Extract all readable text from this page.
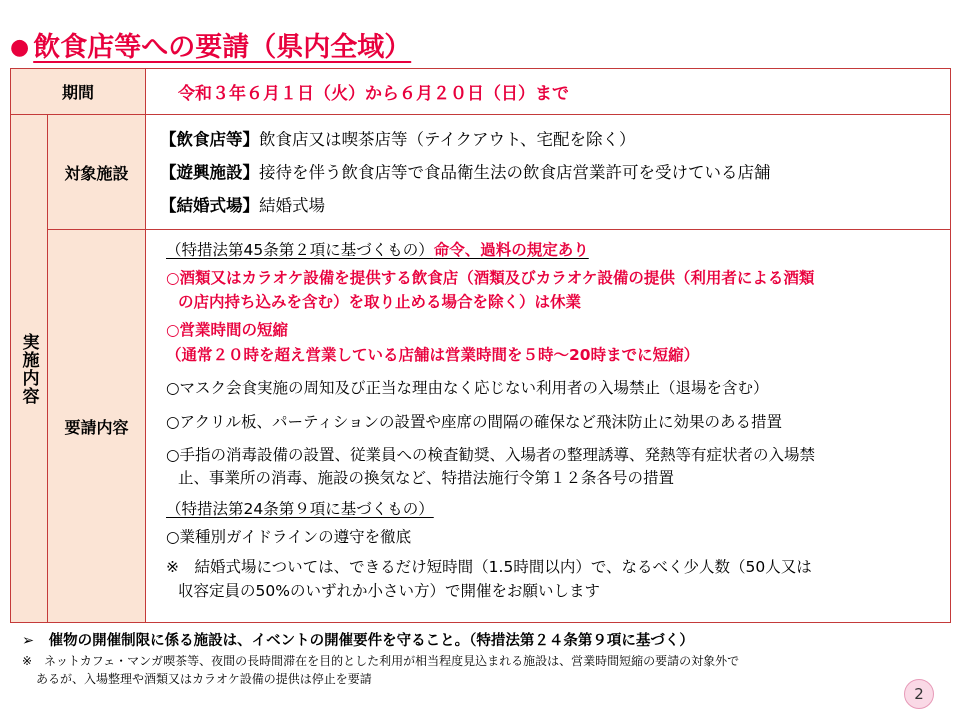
● 飲食店等への要請（県内全域）
期間	令和３年６月１日（火）から６月２０日（日）まで
実施内容
対象施設
【飲食店等】飲食店又は喫茶店等（テイクアウト、宅配を除く）
【遊興施設】接待を伴う飲食店等で食品衛生法の飲食店営業許可を受けている店舗
【結婚式場】結婚式場
要請内容
（特措法第45条第２項に基づくもの）命令、過料の規定あり
○酒類又はカラオケ設備を提供する飲食店（酒類及びカラオケ設備の提供（利用者による酒類
の店内持ち込みを含む）を取り止める場合を除く）は休業
○営業時間の短縮
（通常２０時を超え営業している店舗は営業時間を５時～20時までに短縮）
○マスク会食実施の周知及び正当な理由なく応じない利用者の入場禁止（退場を含む）
○アクリル板、パーティションの設置や座席の間隔の確保など飛沫防止に効果のある措置
○手指の消毒設備の設置、従業員への検査勧奨、入場者の整理誘導、発熱等有症状者の入場禁
止、事業所の消毒、施設の換気など、特措法施行令第１２条各号の措置
（特措法第24条第９項に基づくもの）
○業種別ガイドラインの遵守を徹底
※　結婚式場については、できるだけ短時間（1.5時間以内）で、なるべく少人数（50人又は
収容定員の50%のいずれか小さい方）で開催をお願いします
➢　催物の開催制限に係る施設は、イベントの開催要件を守ること。（特措法第２４条第９項に基づく）
※　ネットカフェ・マンガ喫茶等、夜間の長時間滞在を目的とした利用が相当程度見込まれる施設は、営業時間短縮の要請の対象外で
あるが、入場整理や酒類又はカラオケ設備の提供は停止を要請
2
